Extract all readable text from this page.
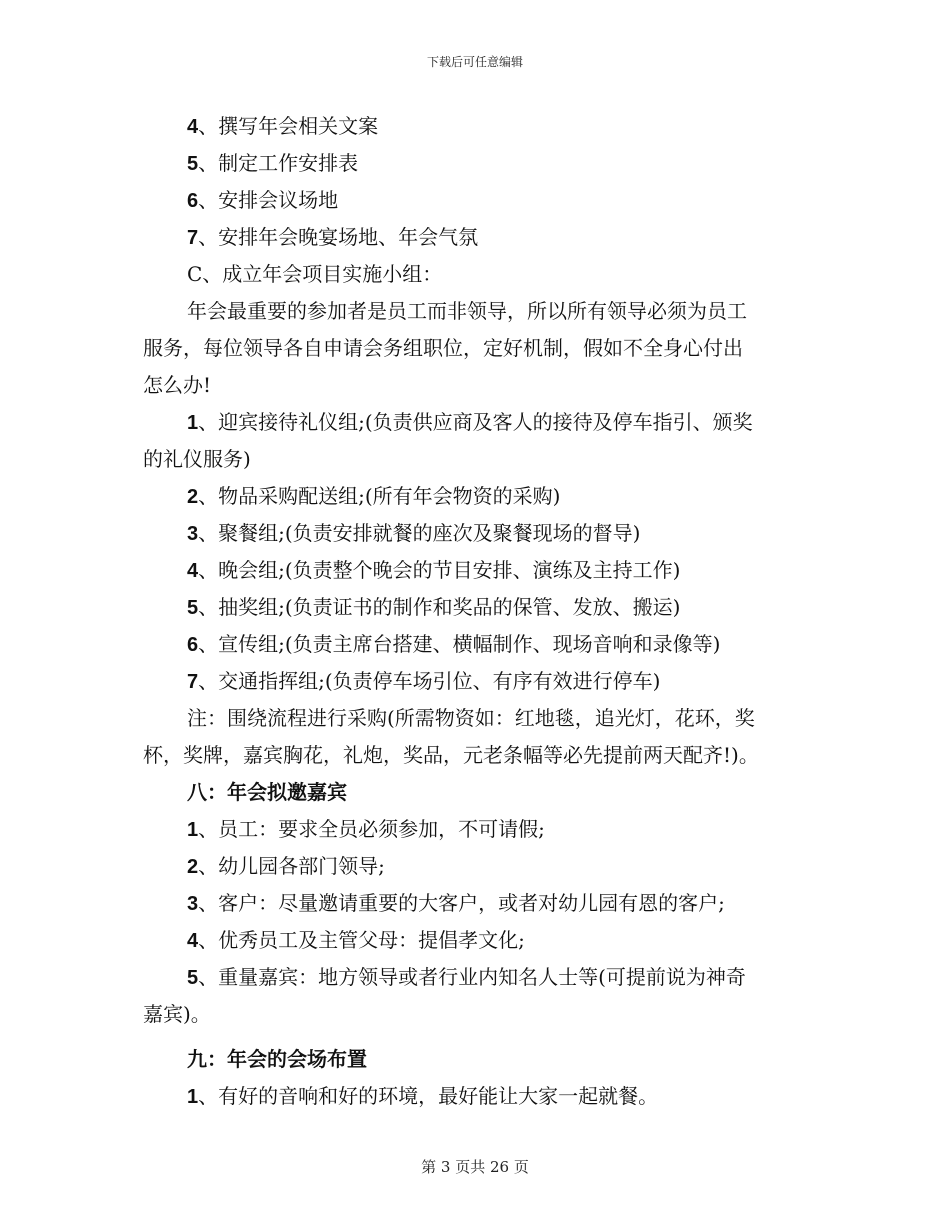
下载后可任意编辑
4、撰写年会相关文案
5、制定工作安排表
6、安排会议场地
7、安排年会晚宴场地、年会气氛
C、成立年会项目实施小组：
年会最重要的参加者是员工而非领导，所以所有领导必须为员工
服务，每位领导各自申请会务组职位，定好机制，假如不全身心付出
怎么办!
1、迎宾接待礼仪组;(负责供应商及客人的接待及停车指引、颁奖
的礼仪服务)
2、物品采购配送组;(所有年会物资的采购)
3、聚餐组;(负责安排就餐的座次及聚餐现场的督导)
4、晚会组;(负责整个晚会的节目安排、演练及主持工作)
5、抽奖组;(负责证书的制作和奖品的保管、发放、搬运)
6、宣传组;(负责主席台搭建、横幅制作、现场音响和录像等)
7、交通指挥组;(负责停车场引位、有序有效进行停车)
注：围绕流程进行采购(所需物资如：红地毯，追光灯，花环，奖
杯，奖牌，嘉宾胸花，礼炮，奖品，元老条幅等必先提前两天配齐!)。
八：年会拟邀嘉宾
1、员工：要求全员必须参加，不可请假;
2、幼儿园各部门领导;
3、客户：尽量邀请重要的大客户，或者对幼儿园有恩的客户;
4、优秀员工及主管父母：提倡孝文化;
5、重量嘉宾：地方领导或者行业内知名人士等(可提前说为神奇
嘉宾)。
九：年会的会场布置
1、有好的音响和好的环境，最好能让大家一起就餐。
第 3 页共 26 页
